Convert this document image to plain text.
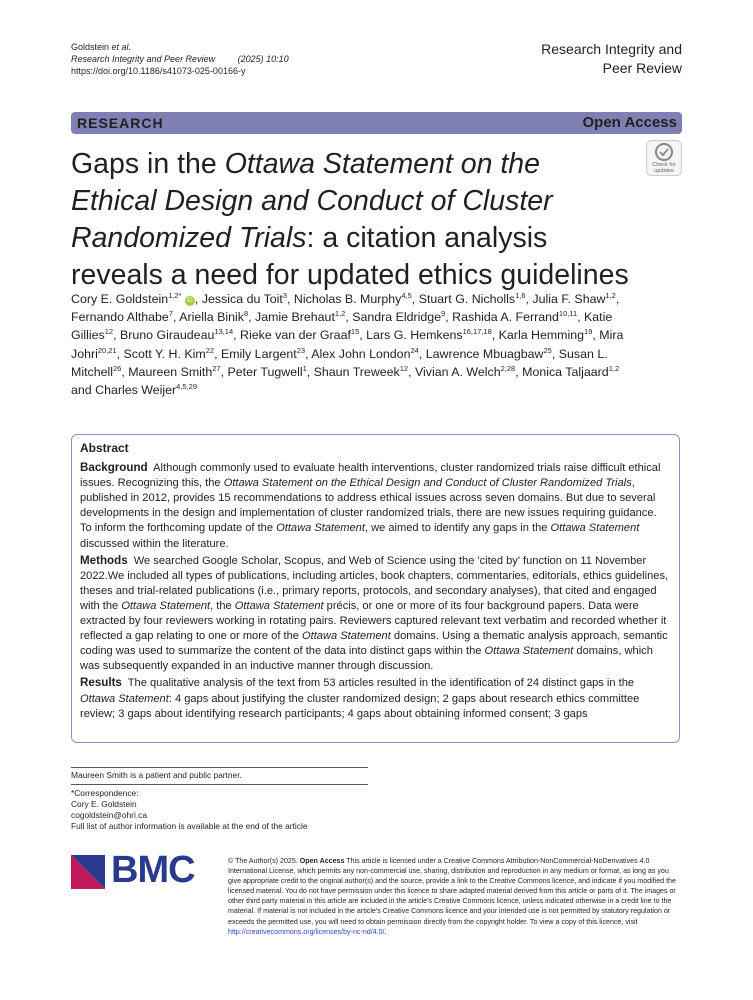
Goldstein et al.
Research Integrity and Peer Review	(2025) 10:10
https://doi.org/10.1186/s41073-025-00166-y
Research Integrity and
Peer Review
RESEARCH	Open Access
Gaps in the Ottawa Statement on the Ethical Design and Conduct of Cluster Randomized Trials: a citation analysis reveals a need for updated ethics guidelines
Check for
updates
Cory E. Goldstein$^{1,2*}$ iD , Jessica du Toit$^3$, Nicholas B. Murphy$^{4,5}$, Stuart G. Nicholls$^{1,6}$, Julia F. Shaw$^{1,2}$, Fernando Althabe$^7$, Ariella Binik$^8$, Jamie Brehaut$^{1,2}$, Sandra Eldridge$^9$, Rashida A. Ferrand$^{10,11}$, Katie Gillies$^{12}$, Bruno Giraudeau$^{13,14}$, Rieke van der Graaf$^{15}$, Lars G. Hemkens$^{16,17,18}$, Karla Hemming$^{19}$, Mira Johri$^{20,21}$, Scott Y. H. Kim$^{22}$, Emily Largent$^{23}$, Alex John London$^{24}$, Lawrence Mbuagbaw$^{25}$, Susan L. Mitchell$^{26}$, Maureen Smith$^{27}$, Peter Tugwell$^1$, Shaun Treweek$^{12}$, Vivian A. Welch$^{2,28}$, Monica Taljaard$^{1,2}$ and Charles Weijer$^{4,5,29}$
Abstract

Background Although commonly used to evaluate health interventions, cluster randomized trials raise difficult ethical issues. Recognizing this, the Ottawa Statement on the Ethical Design and Conduct of Cluster Randomized Trials, published in 2012, provides 15 recommendations to address ethical issues across seven domains. But due to several developments in the design and implementation of cluster randomized trials, there are new issues requiring guidance. To inform the forthcoming update of the Ottawa Statement, we aimed to identify any gaps in the Ottawa Statement discussed within the literature.

Methods We searched Google Scholar, Scopus, and Web of Science using the 'cited by' function on 11 November 2022.We included all types of publications, including articles, book chapters, commentaries, editorials, ethics guidelines, theses and trial-related publications (i.e., primary reports, protocols, and secondary analyses), that cited and engaged with the Ottawa Statement, the Ottawa Statement précis, or one or more of its four background papers. Data were extracted by four reviewers working in rotating pairs. Reviewers captured relevant text verbatim and recorded whether it reflected a gap relating to one or more of the Ottawa Statement domains. Using a thematic analysis approach, semantic coding was used to summarize the content of the data into distinct gaps within the Ottawa Statement domains, which was subsequently expanded in an inductive manner through discussion.

Results The qualitative analysis of the text from 53 articles resulted in the identification of 24 distinct gaps in the Ottawa Statement: 4 gaps about justifying the cluster randomized design; 2 gaps about research ethics committee review; 3 gaps about identifying research participants; 4 gaps about obtaining informed consent; 3 gaps

Maureen Smith is a patient and public partner.
*Correspondence:
Cory E. Goldstein
cogoldstein@ohri.ca
Full list of author information is available at the end of the article
BMC	© The Author(s) 2025. Open Access This article is licensed under a Creative Commons Attribution-NonCommercial-NoDerivatives 4.0 International License, which permits any non-commercial use, sharing, distribution and reproduction in any medium or format, as long as you give appropriate credit to the original author(s) and the source, provide a link to the Creative Commons licence, and indicate if you modified the licensed material. You do not have permission under this licence to share adapted material derived from this article or parts of it. The images or other third party material in this article are included in the article's Creative Commons licence, unless indicated otherwise in a credit line to the material. If material is not included in the article's Creative Commons licence and your intended use is not permitted by statutory regulation or exceeds the permitted use, you will need to obtain permission directly from the copyright holder. To view a copy of this licence, visit http://creativecommons.org/licenses/by-nc-nd/4.0/.
